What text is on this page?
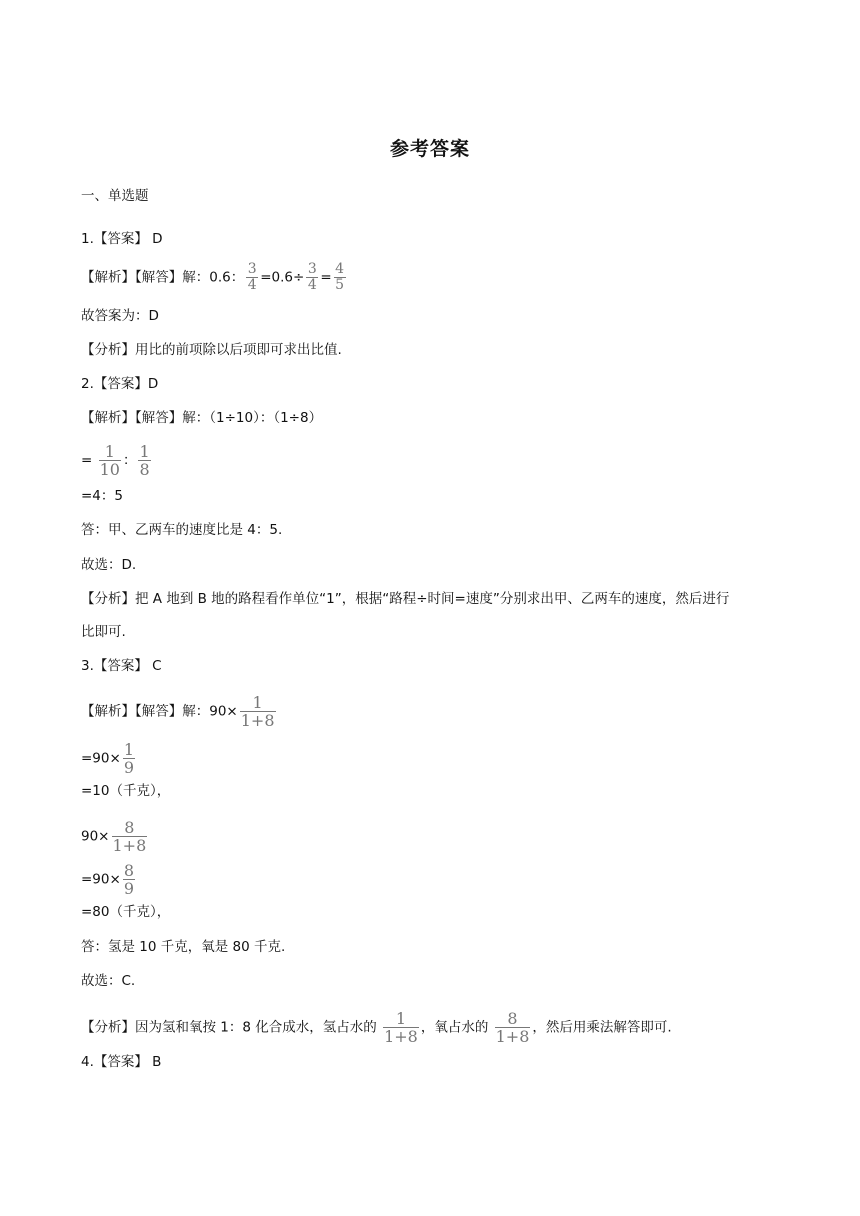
参考答案
一、单选题
1.【答案】 D
【解析】【解答】解：0.6： $\frac{3}{4} =0.6\div \frac{3}{4} = \frac{4}{5}$
故答案为：D
【分析】用比的前项除以后项即可求出比值.
2.【答案】D
【解析】【解答】解：（1÷10）：（1÷8）
= $\frac{1}{10}$ ： $\frac{1}{8}$
=4：5
答：甲、乙两车的速度比是 4：5.
故选：D.
【分析】把 A 地到 B 地的路程看作单位“1”，根据“路程÷时间=速度”分别求出甲、乙两车的速度，然后进行
比即可.
3.【答案】 C
【解析】【解答】解：$90\times \frac{1}{1+8}$
$=90\times \frac{1}{9}$
=10（千克），
$90\times \frac{8}{1+8}$
$=90\times \frac{8}{9}$
=80（千克），
答：氢是 10 千克，氧是 80 千克.
故选：C.
【分析】因为氢和氧按 1：8 化合成水，氢占水的 $\frac{1}{1+8}$ ，氧占水的 $\frac{8}{1+8}$ ，然后用乘法解答即可.
4.【答案】 B
